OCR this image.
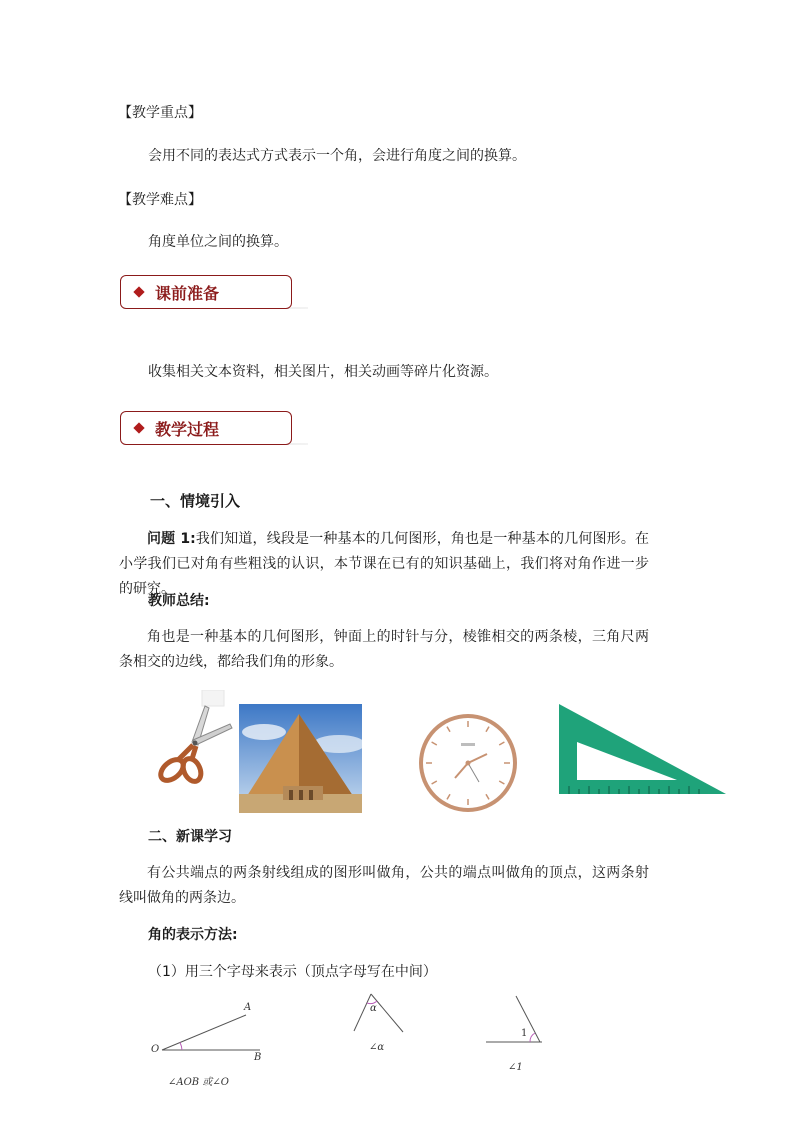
【教学重点】
会用不同的表达式方式表示一个角，会进行角度之间的换算。
【教学难点】
角度单位之间的换算。
课前准备
收集相关文本资料，相关图片，相关动画等碎片化资源。
教学过程
一、情境引入
问题 1:我们知道，线段是一种基本的几何图形，角也是一种基本的几何图形。在小学我们已对角有些粗浅的认识，本节课在已有的知识基础上，我们将对角作进一步的研究。
教师总结:
角也是一种基本的几何图形，钟面上的时针与分，棱锥相交的两条棱，三角尺两条相交的边线，都给我们角的形象。
二、新课学习
有公共端点的两条射线组成的图形叫做角，公共的端点叫做角的顶点，这两条射线叫做角的两条边。
角的表示方法:
（1）用三个字母来表示（顶点字母写在中间）
A
O
B
∠AOB 或∠O
α
∠α
1
∠1
